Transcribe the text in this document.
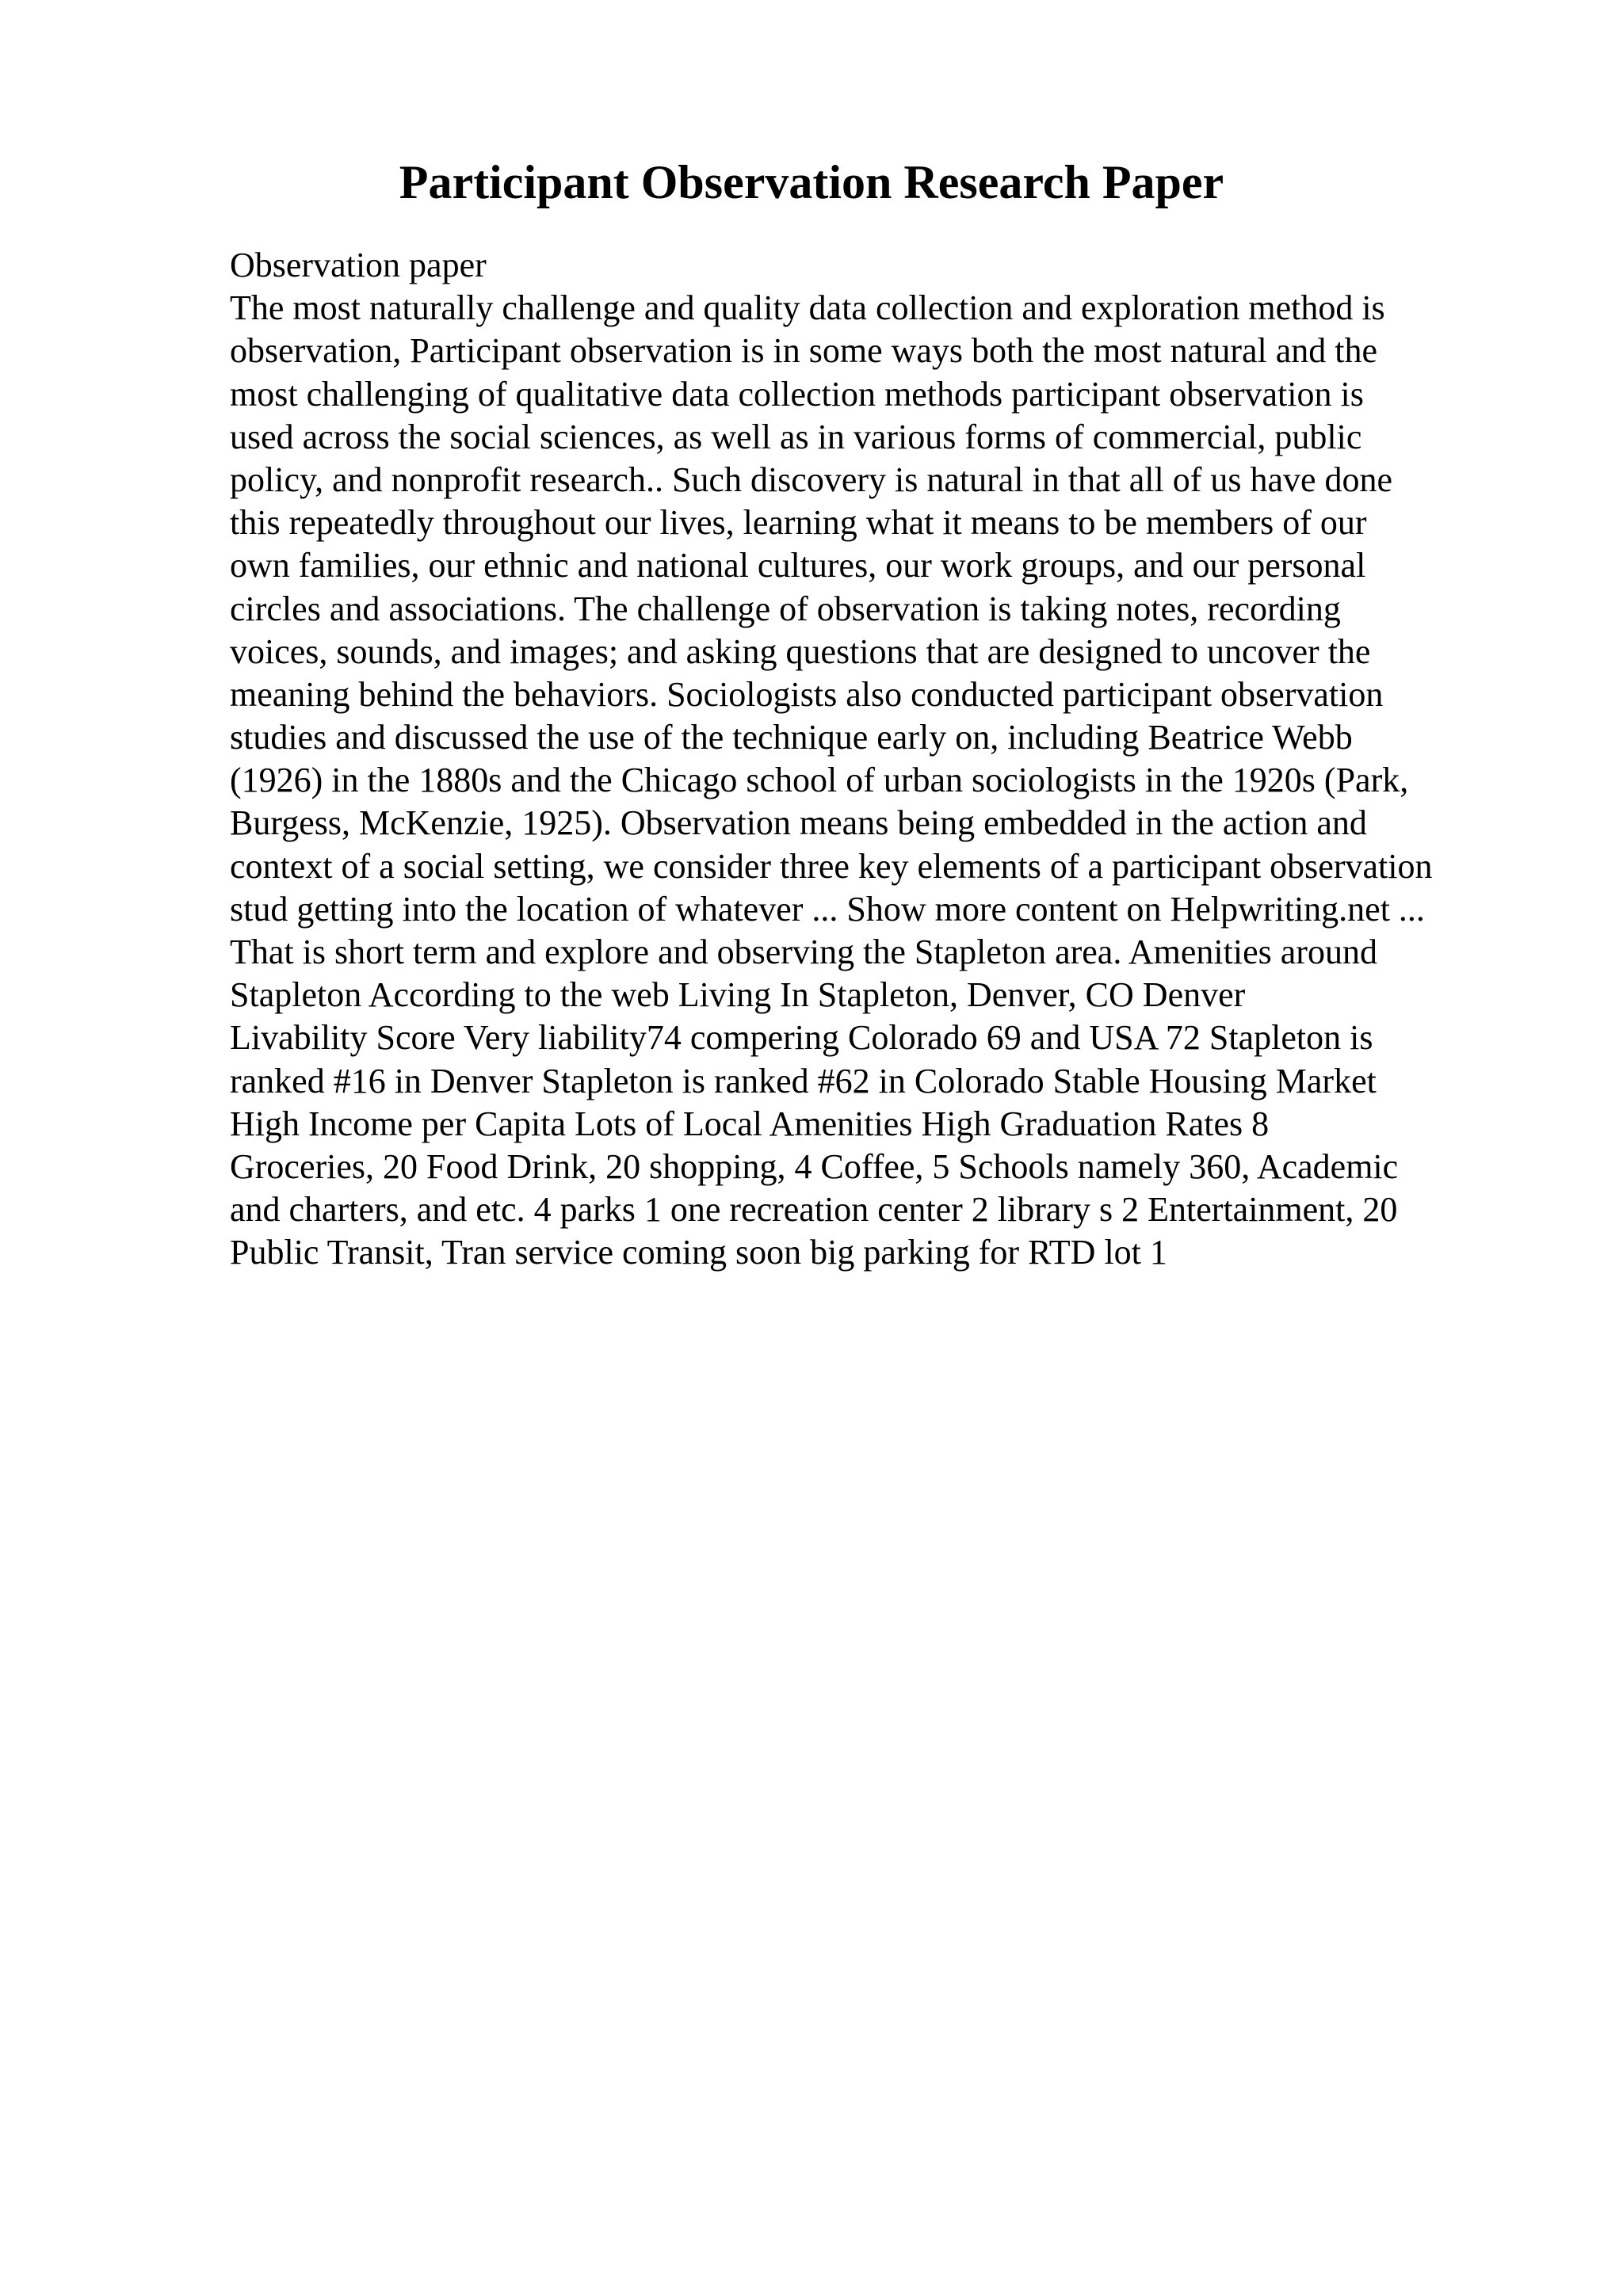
Participant Observation Research Paper
Observation paper
The most naturally challenge and quality data collection and exploration method is
observation, Participant observation is in some ways both the most natural and the
most challenging of qualitative data collection methods participant observation is
used across the social sciences, as well as in various forms of commercial, public
policy, and nonprofit research.. Such discovery is natural in that all of us have done
this repeatedly throughout our lives, learning what it means to be members of our
own families, our ethnic and national cultures, our work groups, and our personal
circles and associations. The challenge of observation is taking notes, recording
voices, sounds, and images; and asking questions that are designed to uncover the
meaning behind the behaviors. Sociologists also conducted participant observation
studies and discussed the use of the technique early on, including Beatrice Webb
(1926) in the 1880s and the Chicago school of urban sociologists in the 1920s (Park,
Burgess, McKenzie, 1925). Observation means being embedded in the action and
context of a social setting, we consider three key elements of a participant observation
stud getting into the location of whatever ... Show more content on Helpwriting.net ...
That is short term and explore and observing the Stapleton area. Amenities around
Stapleton According to the web Living In Stapleton, Denver, CO Denver
Livability Score Very liability74 compering Colorado 69 and USA 72 Stapleton is
ranked #16 in Denver Stapleton is ranked #62 in Colorado Stable Housing Market
High Income per Capita Lots of Local Amenities High Graduation Rates 8
Groceries, 20 Food Drink, 20 shopping, 4 Coffee, 5 Schools namely 360, Academic
and charters, and etc. 4 parks 1 one recreation center 2 library s 2 Entertainment, 20
Public Transit, Tran service coming soon big parking for RTD lot 1
